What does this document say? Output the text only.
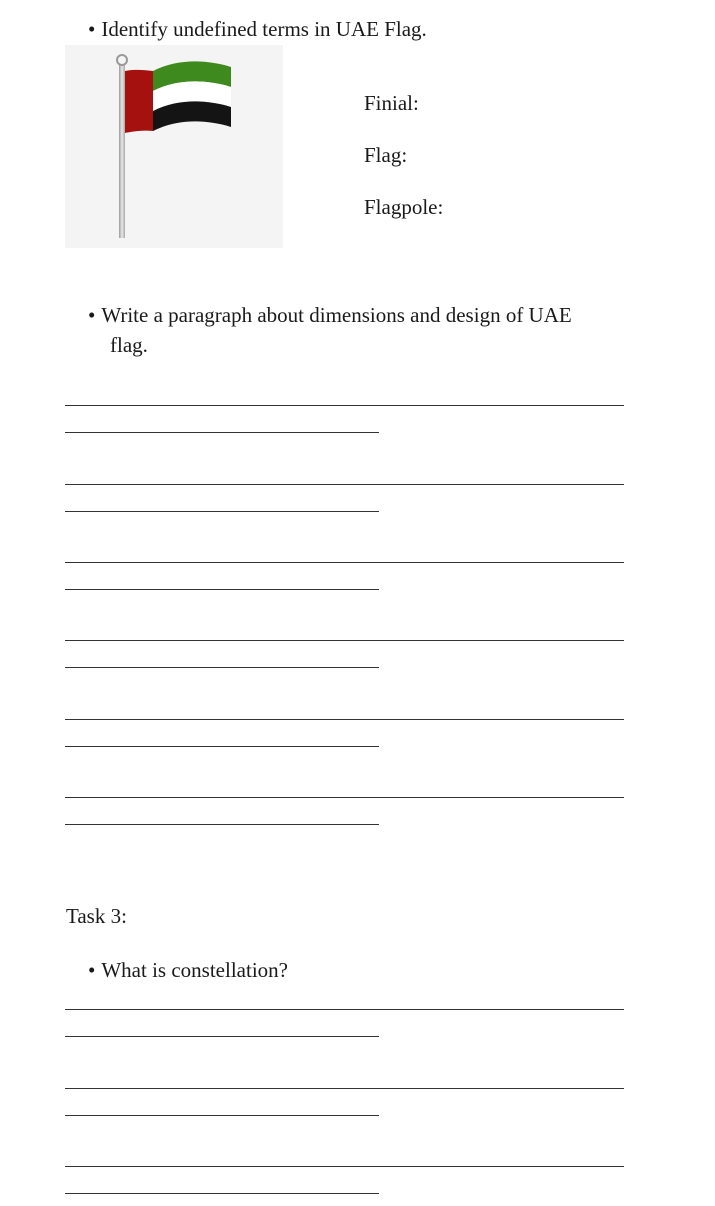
• Identify undefined terms in UAE Flag.
Finial:
Flag:
Flagpole:
• Write a paragraph about dimensions and design of UAE
flag.
Task 3:
• What is constellation?
